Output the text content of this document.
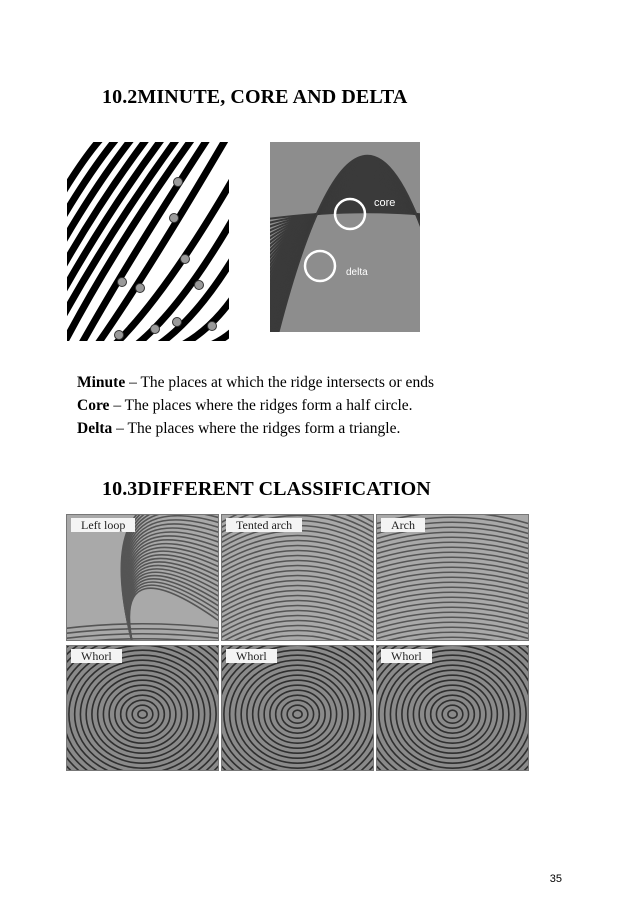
10.2MINUTE, CORE AND DELTA
core
delta
Minute – The places at which the ridge intersects or ends
Core – The places where the ridges form a half circle.
Delta – The places where the ridges form a triangle.
10.3DIFFERENT CLASSIFICATION
Left loop	Tented arch	Arch
Whorl	Whorl	Whorl
35
